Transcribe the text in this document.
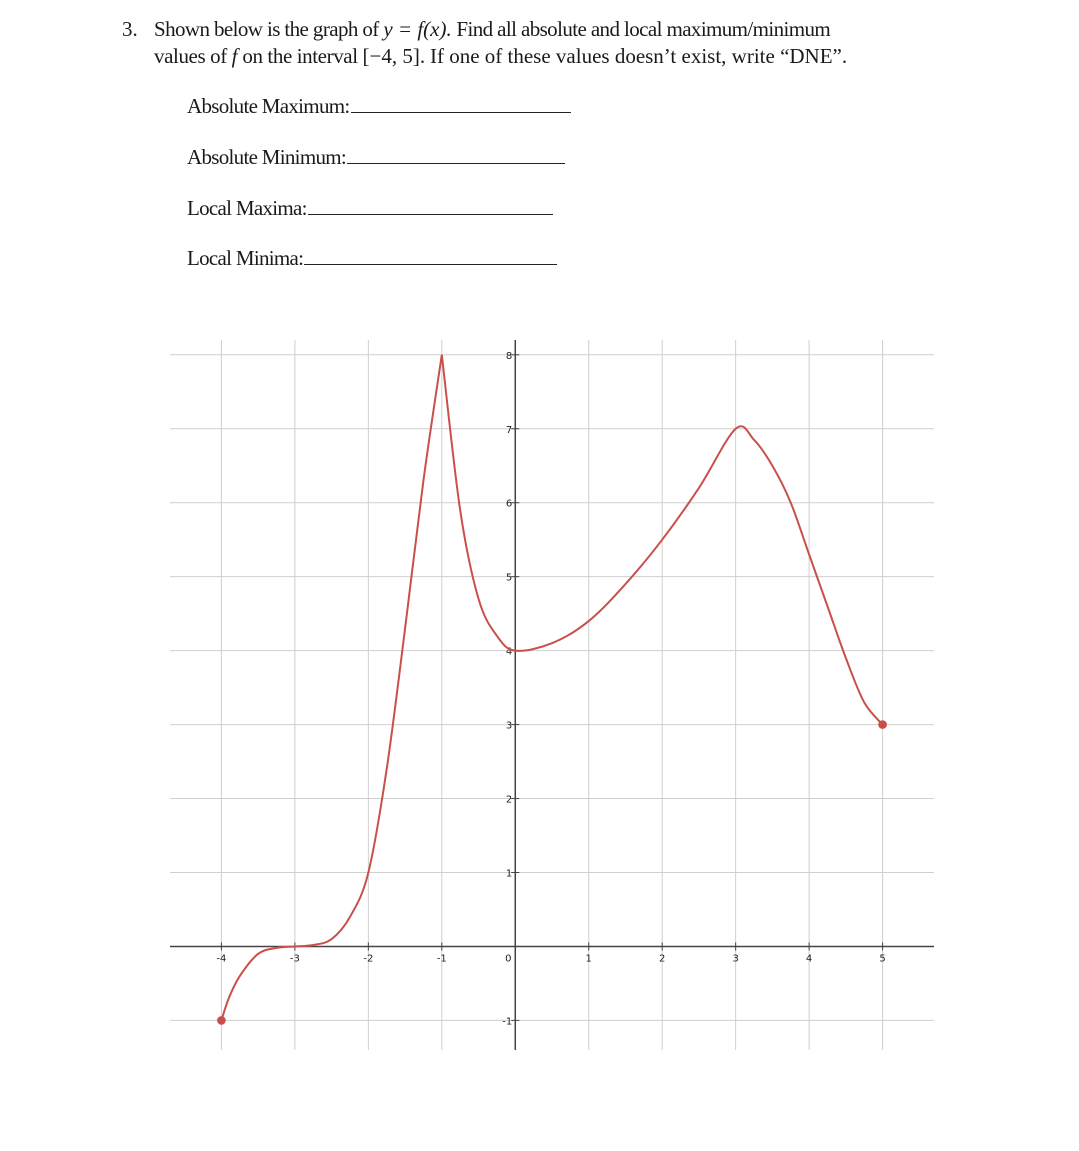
3. Shown below is the graph of y = f(x). Find all absolute and local maximum/minimum
values of f on the interval [−4, 5]. If one of these values doesn’t exist, write “DNE”.
Absolute Maximum:
Absolute Minimum:
Local Maxima:
Local Minima:
-4	-3	-2	-1	0	1	2	3	4	5
-1
1
2
3
4
5
6
7
8
